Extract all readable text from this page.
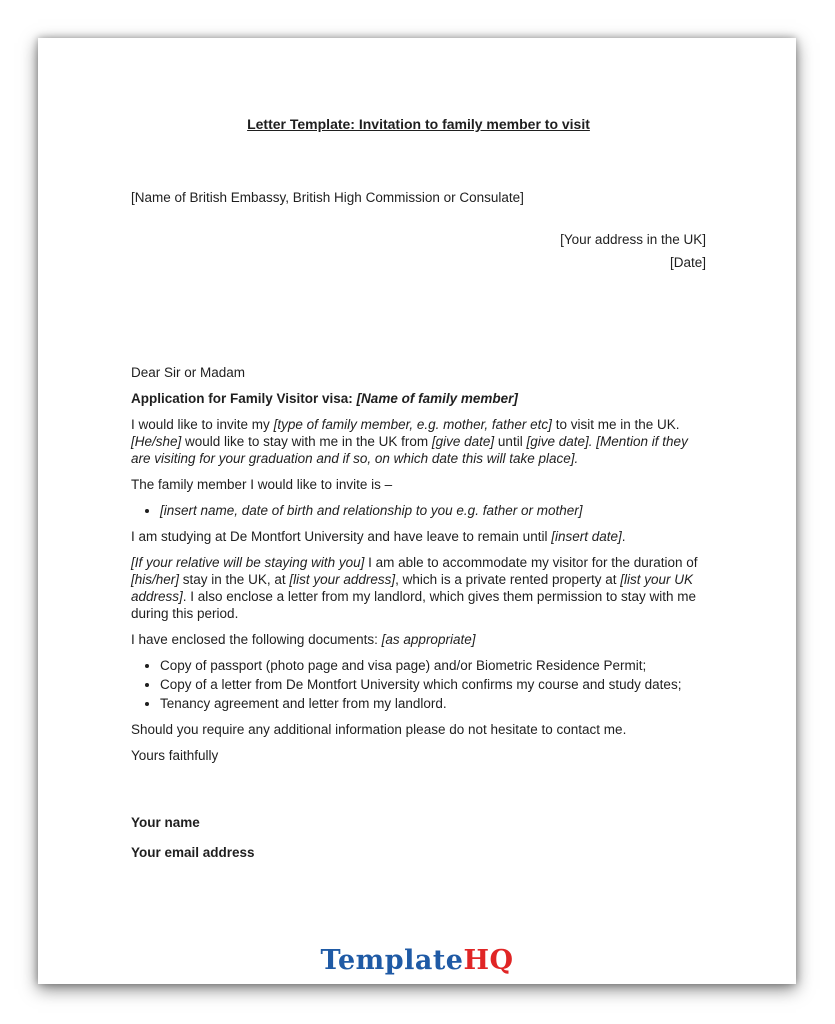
Letter Template: Invitation to family member to visit
[Name of British Embassy, British High Commission or Consulate]
[Your address in the UK]
[Date]

Dear Sir or Madam

Application for Family Visitor visa: [Name of family member]

I would like to invite my [type of family member, e.g. mother, father etc] to visit me in the UK. [He/she] would like to stay with me in the UK from [give date] until [give date]. [Mention if they are visiting for your graduation and if so, on which date this will take place].

The family member I would like to invite is –

• [insert name, date of birth and relationship to you e.g. father or mother]

I am studying at De Montfort University and have leave to remain until [insert date].

[If your relative will be staying with you] I am able to accommodate my visitor for the duration of [his/her] stay in the UK, at [list your address], which is a private rented property at [list your UK address]. I also enclose a letter from my landlord, which gives them permission to stay with me during this period.

I have enclosed the following documents: [as appropriate]

• Copy of passport (photo page and visa page) and/or Biometric Residence Permit;
• Copy of a letter from De Montfort University which confirms my course and study dates;
• Tenancy agreement and letter from my landlord.

Should you require any additional information please do not hesitate to contact me.

Yours faithfully

Your name
Your email address
TemplateHQ
